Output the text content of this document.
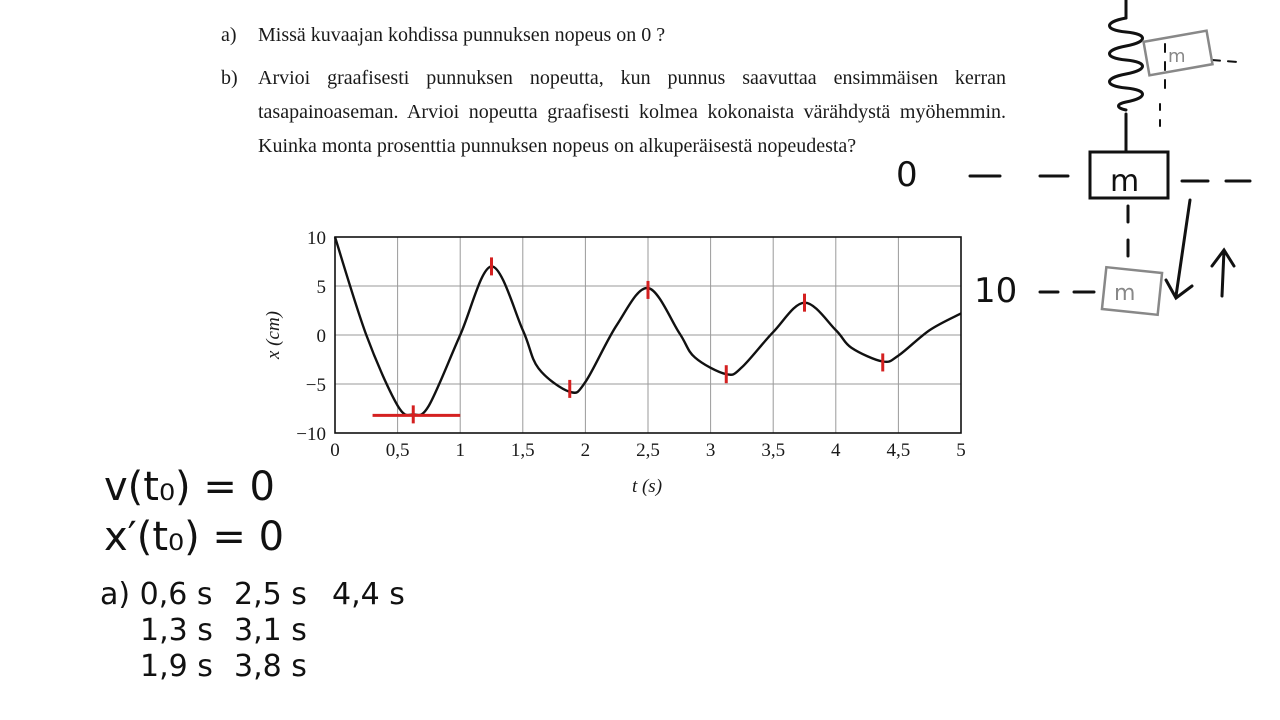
a) Missä kuvaajan kohdissa punnuksen nopeus on 0 ?
b) Arvioi graafisesti punnuksen nopeutta, kun punnus saavuttaa ensimmäisen kerran tasapainoaseman. Arvioi nopeutta graafisesti kolmea kokonaista värähdystä myöhemmin. Kuinka monta prosenttia punnuksen nopeus on alkuperäisestä nopeudesta?
0 0,5 1 1,5 2 2,5 3 3,5 4 4,5 5
10
5
0
−5
−10
t (s)
x (cm)
v(t₀) = 0
x′(t₀) = 0
a) 0,6 s
1,3 s
1,9 s
2,5 s
3,1 s
3,8 s
4,4 s
m
m
m
0
10
